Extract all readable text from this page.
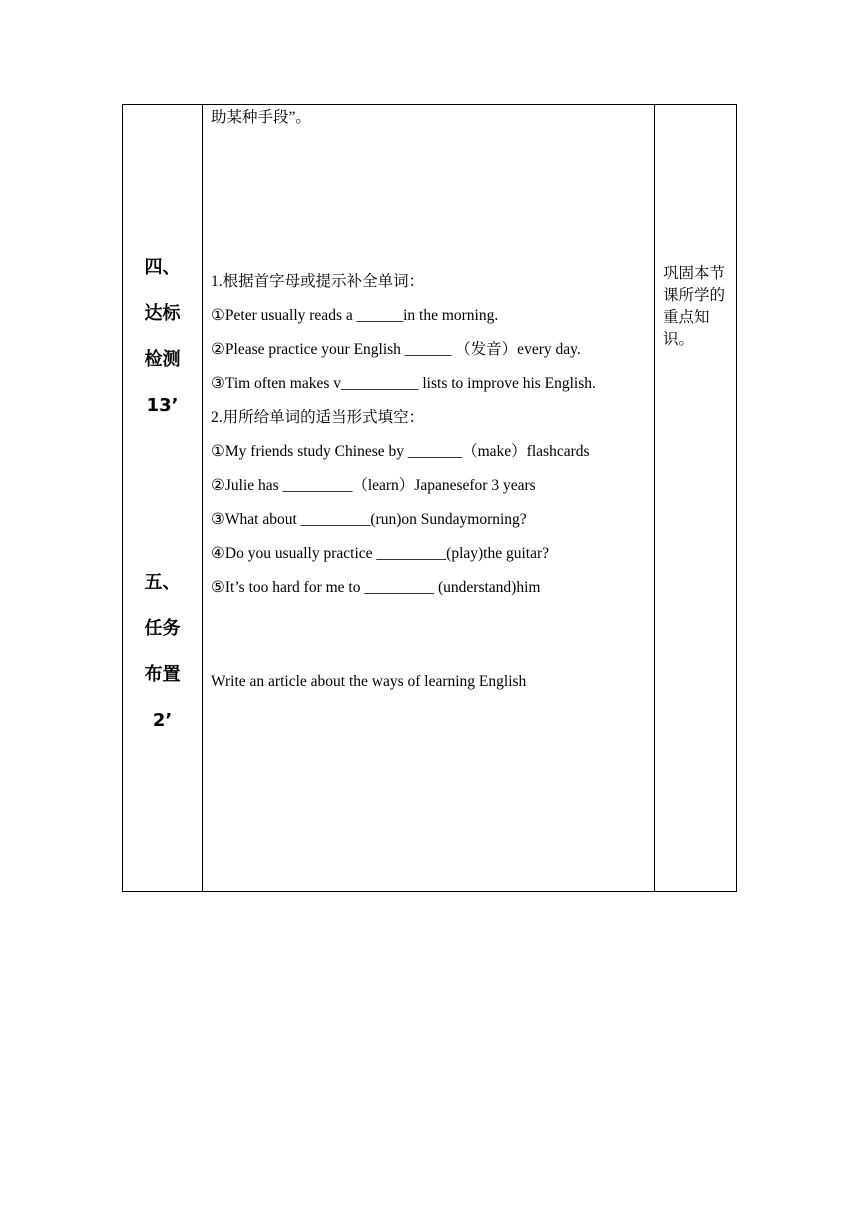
四、
达标
检测
13’
五、
任务
布置
2’
助某种手段”。
1.根据首字母或提示补全单词：
①Peter usually reads a ______in the morning.
②Please practice your English ______ （发音）every day.
③Tim often makes v__________ lists to improve his English.
2.用所给单词的适当形式填空：
①My friends study Chinese by _______（make）flashcards
②Julie has _________（learn）Japanesefor 3 years
③What about _________(run)on Sundaymorning?
④Do you usually practice _________(play)the guitar?
⑤It’s too hard for me to _________ (understand)him
Write an article about the ways of learning English
巩固本节课所学的重点知识。
